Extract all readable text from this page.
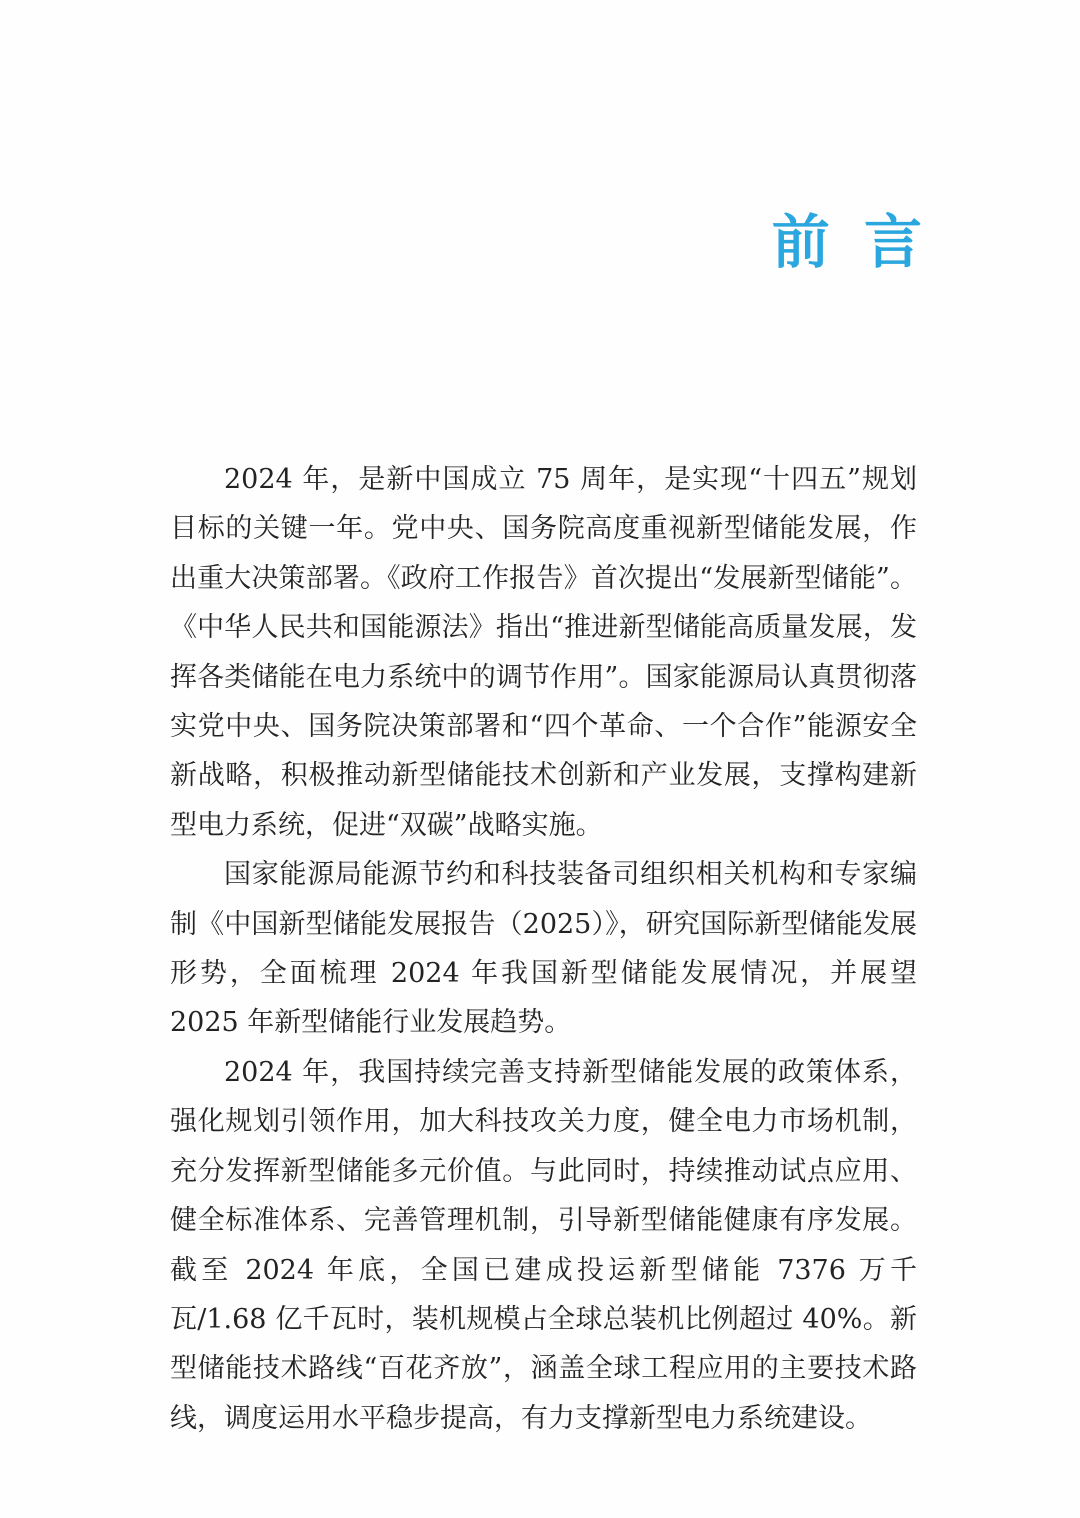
前 言

2024 年，是新中国成立 75 周年，是实现“十四五”规划目标的关键一年。党中央、国务院高度重视新型储能发展，作出重大决策部署。《政府工作报告》首次提出“发展新型储能”。《中华人民共和国能源法》指出“推进新型储能高质量发展，发挥各类储能在电力系统中的调节作用”。国家能源局认真贯彻落实党中央、国务院决策部署和“四个革命、一个合作”能源安全新战略，积极推动新型储能技术创新和产业发展，支撑构建新型电力系统，促进“双碳”战略实施。

国家能源局能源节约和科技装备司组织相关机构和专家编制《中国新型储能发展报告（2025）》，研究国际新型储能发展形势，全面梳理 2024 年我国新型储能发展情况，并展望 2025 年新型储能行业发展趋势。

2024 年，我国持续完善支持新型储能发展的政策体系，强化规划引领作用，加大科技攻关力度，健全电力市场机制，充分发挥新型储能多元价值。与此同时，持续推动试点应用、健全标准体系、完善管理机制，引导新型储能健康有序发展。截至 2024 年底，全国已建成投运新型储能 7376 万千瓦/1.68 亿千瓦时，装机规模占全球总装机比例超过 40%。新型储能技术路线“百花齐放”，涵盖全球工程应用的主要技术路线，调度运用水平稳步提高，有力支撑新型电力系统建设。
